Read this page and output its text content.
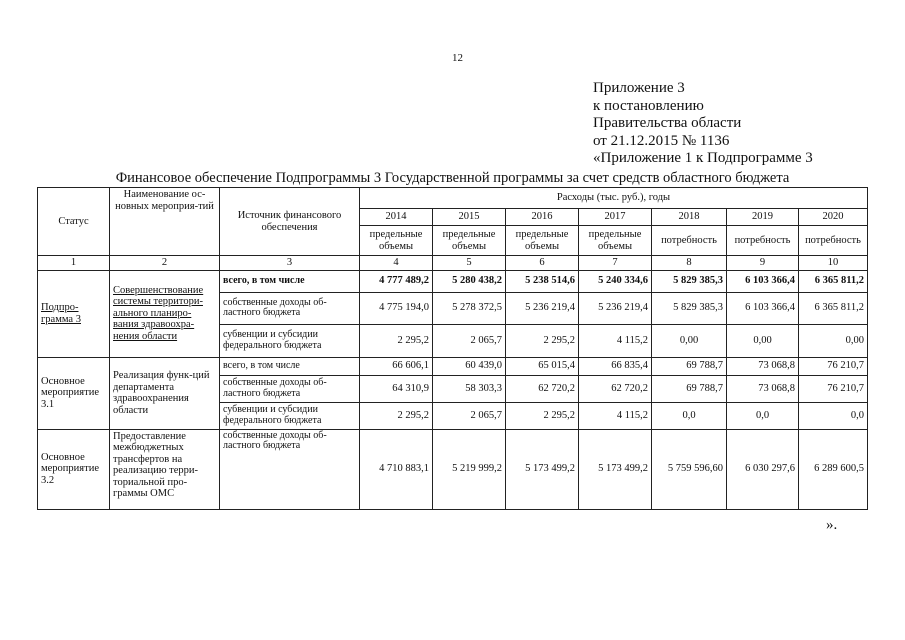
12
Приложение 3
к постановлению
Правительства области
от 21.12.2015 № 1136
«Приложение 1 к Подпрограмме 3
Финансовое обеспечение Подпрограммы 3 Государственной программы за счет средств областного бюджета
Статус	Наименование ос-новных мероприя-тий	Источник финансового обеспечения	Расходы (тыс. руб.), годы						
			2014	2015	2016	2017	2018	2019	2020
			предельные объемы	предельные объемы	предельные объемы	предельные объемы	потребность	потребность	потребность
1	2	3	4	5	6	7	8	9	10
Подпро-грамма 3	Совершенствование системы территори-ального планиро-вания здравоохра-нения области	всего, в том числе	4 777 489,2	5 280 438,2	5 238 514,6	5 240 334,6	5 829 385,3	6 103 366,4	6 365 811,2
		собственные доходы об-ластного бюджета	4 775 194,0	5 278 372,5	5 236 219,4	5 236 219,4	5 829 385,3	6 103 366,4	6 365 811,2
		субвенции и субсидии федерального бюджета	2 295,2	2 065,7	2 295,2	4 115,2	0,00	0,00	0,00
Основное мероприятие 3.1	Реализация функ-ций департамента здравоохранения области	всего, в том числе	66 606,1	60 439,0	65 015,4	66 835,4	69 788,7	73 068,8	76 210,7
		собственные доходы об-ластного бюджета	64 310,9	58 303,3	62 720,2	62 720,2	69 788,7	73 068,8	76 210,7
		субвенции и субсидии федерального бюджета	2 295,2	2 065,7	2 295,2	4 115,2	0,0	0,0	0,0
Основное мероприятие 3.2	Предоставление межбюджетных трансфертов на реализацию терри-ториальной про-граммы ОМС	собственные доходы об-ластного бюджета	4 710 883,1	5 219 999,2	5 173 499,2	5 173 499,2	5 759 596,60	6 030 297,6	6 289 600,5
».
